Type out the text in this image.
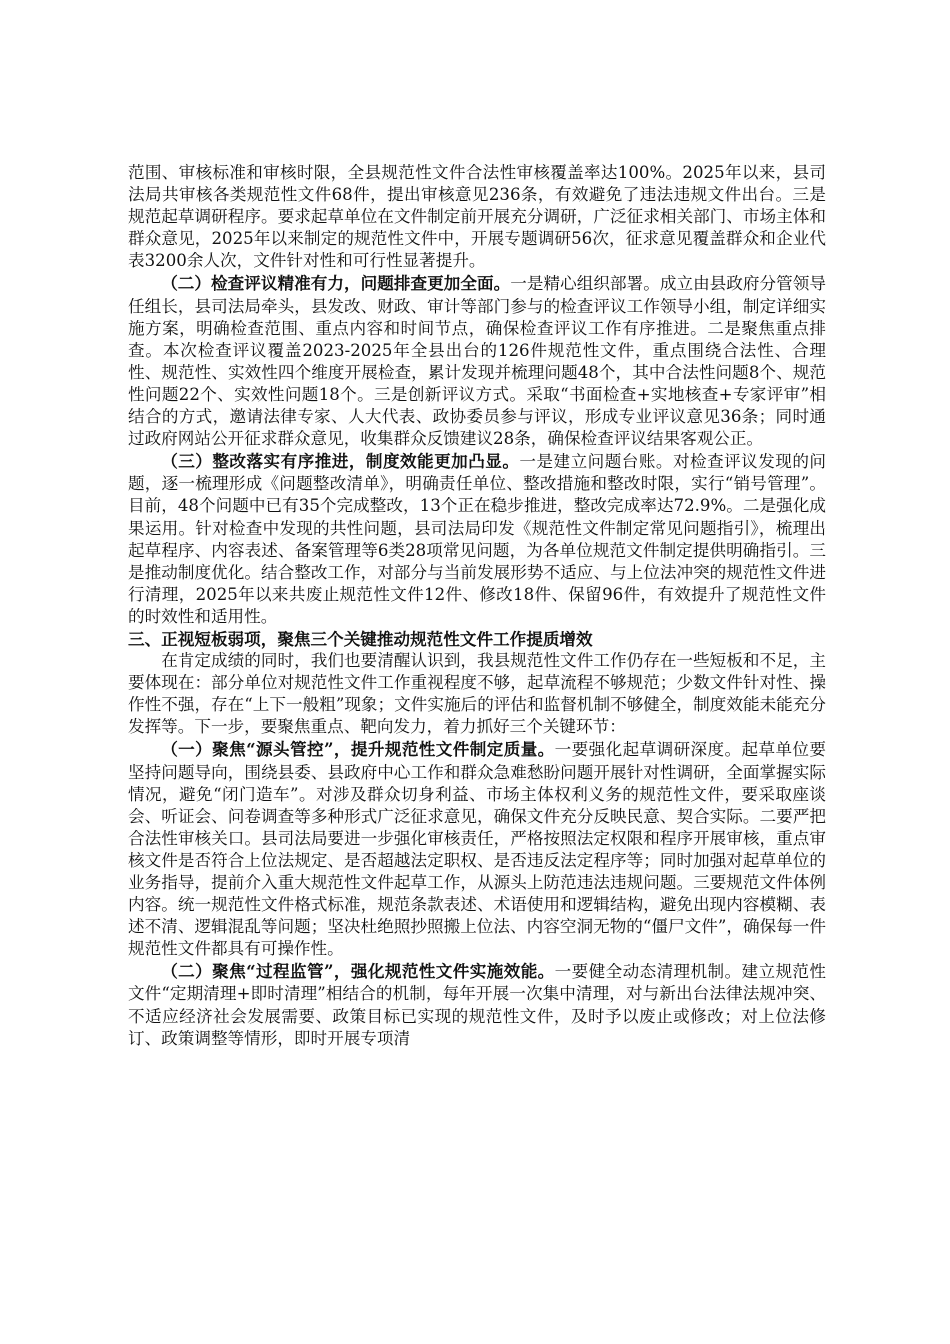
范围、审核标准和审核时限，全县规范性文件合法性审核覆盖率达100%。2025年以来，县司法局共审核各类规范性文件68件，提出审核意见236条，有效避免了违法违规文件出台。三是规范起草调研程序。要求起草单位在文件制定前开展充分调研，广泛征求相关部门、市场主体和群众意见，2025年以来制定的规范性文件中，开展专题调研56次，征求意见覆盖群众和企业代表3200余人次，文件针对性和可行性显著提升。

（二）检查评议精准有力，问题排查更加全面。一是精心组织部署。成立由县政府分管领导任组长，县司法局牵头，县发改、财政、审计等部门参与的检查评议工作领导小组，制定详细实施方案，明确检查范围、重点内容和时间节点，确保检查评议工作有序推进。二是聚焦重点排查。本次检查评议覆盖2023-2025年全县出台的126件规范性文件，重点围绕合法性、合理性、规范性、实效性四个维度开展检查，累计发现并梳理问题48个，其中合法性问题8个、规范性问题22个、实效性问题18个。三是创新评议方式。采取“书面检查+实地核查+专家评审”相结合的方式，邀请法律专家、人大代表、政协委员参与评议，形成专业评议意见36条；同时通过政府网站公开征求群众意见，收集群众反馈建议28条，确保检查评议结果客观公正。

（三）整改落实有序推进，制度效能更加凸显。一是建立问题台账。对检查评议发现的问题，逐一梳理形成《问题整改清单》，明确责任单位、整改措施和整改时限，实行“销号管理”。目前，48个问题中已有35个完成整改，13个正在稳步推进，整改完成率达72.9%。二是强化成果运用。针对检查中发现的共性问题，县司法局印发《规范性文件制定常见问题指引》，梳理出起草程序、内容表述、备案管理等6类28项常见问题，为各单位规范文件制定提供明确指引。三是推动制度优化。结合整改工作，对部分与当前发展形势不适应、与上位法冲突的规范性文件进行清理，2025年以来共废止规范性文件12件、修改18件、保留96件，有效提升了规范性文件的时效性和适用性。

三、正视短板弱项，聚焦三个关键推动规范性文件工作提质增效

在肯定成绩的同时，我们也要清醒认识到，我县规范性文件工作仍存在一些短板和不足，主要体现在：部分单位对规范性文件工作重视程度不够，起草流程不够规范；少数文件针对性、操作性不强，存在“上下一般粗”现象；文件实施后的评估和监督机制不够健全，制度效能未能充分发挥等。下一步，要聚焦重点、靶向发力，着力抓好三个关键环节：

（一）聚焦“源头管控”，提升规范性文件制定质量。一要强化起草调研深度。起草单位要坚持问题导向，围绕县委、县政府中心工作和群众急难愁盼问题开展针对性调研，全面掌握实际情况，避免“闭门造车”。对涉及群众切身利益、市场主体权利义务的规范性文件，要采取座谈会、听证会、问卷调查等多种形式广泛征求意见，确保文件充分反映民意、契合实际。二要严把合法性审核关口。县司法局要进一步强化审核责任，严格按照法定权限和程序开展审核，重点审核文件是否符合上位法规定、是否超越法定职权、是否违反法定程序等；同时加强对起草单位的业务指导，提前介入重大规范性文件起草工作，从源头上防范违法违规问题。三要规范文件体例内容。统一规范性文件格式标准，规范条款表述、术语使用和逻辑结构，避免出现内容模糊、表述不清、逻辑混乱等问题；坚决杜绝照抄照搬上位法、内容空洞无物的“僵尸文件”，确保每一件规范性文件都具有可操作性。

（二）聚焦“过程监管”，强化规范性文件实施效能。一要健全动态清理机制。建立规范性文件“定期清理+即时清理”相结合的机制，每年开展一次集中清理，对与新出台法律法规冲突、不适应经济社会发展需要、政策目标已实现的规范性文件，及时予以废止或修改；对上位法修订、政策调整等情形，即时开展专项清
